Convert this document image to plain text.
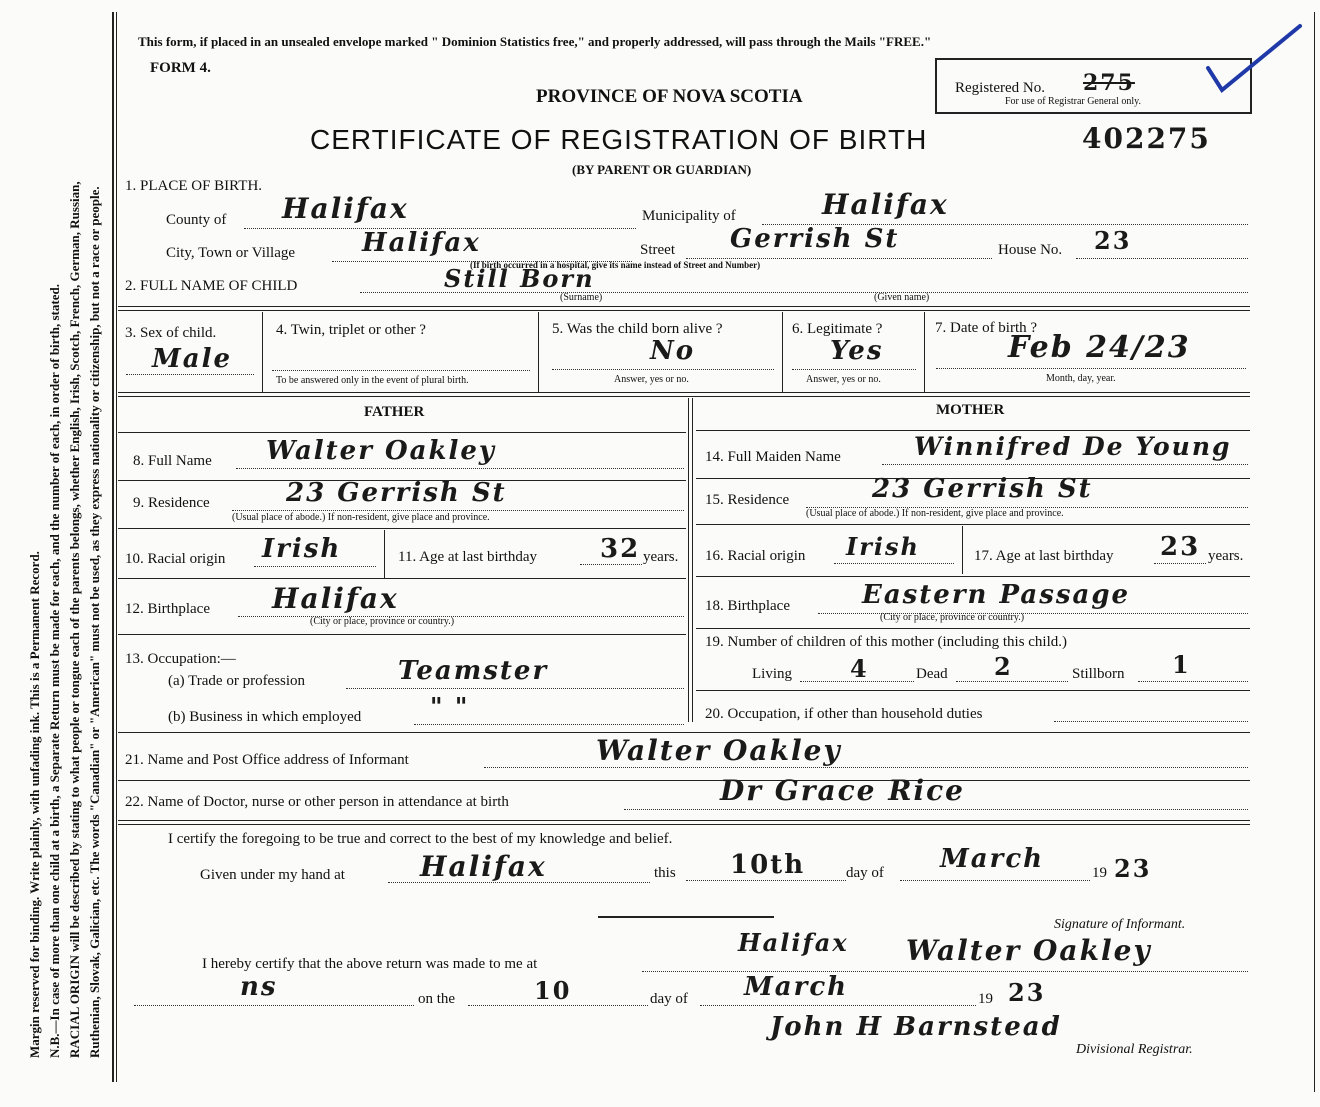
Margin reserved for binding. Write plainly, with unfading ink. This is a Permanent Record. N.B.—In case of more than one child at a birth, a Separate Return must be made for each, and the number of each, in order of birth, stated. RACIAL ORIGIN will be described by stating to what people or tongue each of the parents belongs, whether English, Irish, Scotch, French, German, Russian, Ruthenian, Slovak, Galician, etc. The words "Canadian" or "American" must not be used, as they express nationality or citizenship, but not a race or people.
This form, if placed in an unsealed envelope marked " Dominion Statistics free," and properly addressed, will pass through the Mails "FREE."
FORM 4.
PROVINCE OF NOVA SCOTIA
CERTIFICATE OF REGISTRATION OF BIRTH	402275
(BY PARENT OR GUARDIAN)
Registered No. 275
For use of Registrar General only.
1. PLACE OF BIRTH.
County of Halifax	Municipality of	Halifax
City, Town or Village	Halifax	Street Gerrish St	House No. 23
(If birth occurred in a hospital, give its name instead of Street and Number)
2. FULL NAME OF CHILD	Still Born
(Surname)	(Given name)
3. Sex of child.
Male
4. Twin, triplet or other ?
To be answered only in the event of plural birth.
5. Was the child born alive ?
No
Answer, yes or no.
6. Legitimate ?
Yes
Answer, yes or no.
7. Date of birth ?
Feb 24/23
Month, day, year.
FATHER	MOTHER
8. Full Name Walter Oakley
9. Residence	23 Gerrish St
(Usual place of abode.) If non-resident, give place and province.
10. Racial origin Irish	11. Age at last birthday 32 years.
12. Birthplace Halifax
(City or place, province or country.)
13. Occupation:—
(a) Trade or profession	Teamster
(b) Business in which employed	" "
14. Full Maiden Name	Winnifred De Young
15. Residence	23 Gerrish St
(Usual place of abode.) If non-resident, give place and province.
16. Racial origin Irish	17. Age at last birthday 23 years.
18. Birthplace	Eastern Passage
(City or place, province or country.)
19. Number of children of this mother (including this child.)
Living 4	Dead 2	Stillborn 1
20. Occupation, if other than household duties
21. Name and Post Office address of Informant	Walter Oakley
22. Name of Doctor, nurse or other person in attendance at birth	Dr Grace Rice
I certify the foregoing to be true and correct to the best of my knowledge and belief.
Given under my hand at	Halifax	this 10th	day of March	19 23
Signature of Informant.
Walter Oakley
I hereby certify that the above return was made to me at
Halifax
ns	on the	10	day of March	19 23
John H Barnstead
Divisional Registrar.
